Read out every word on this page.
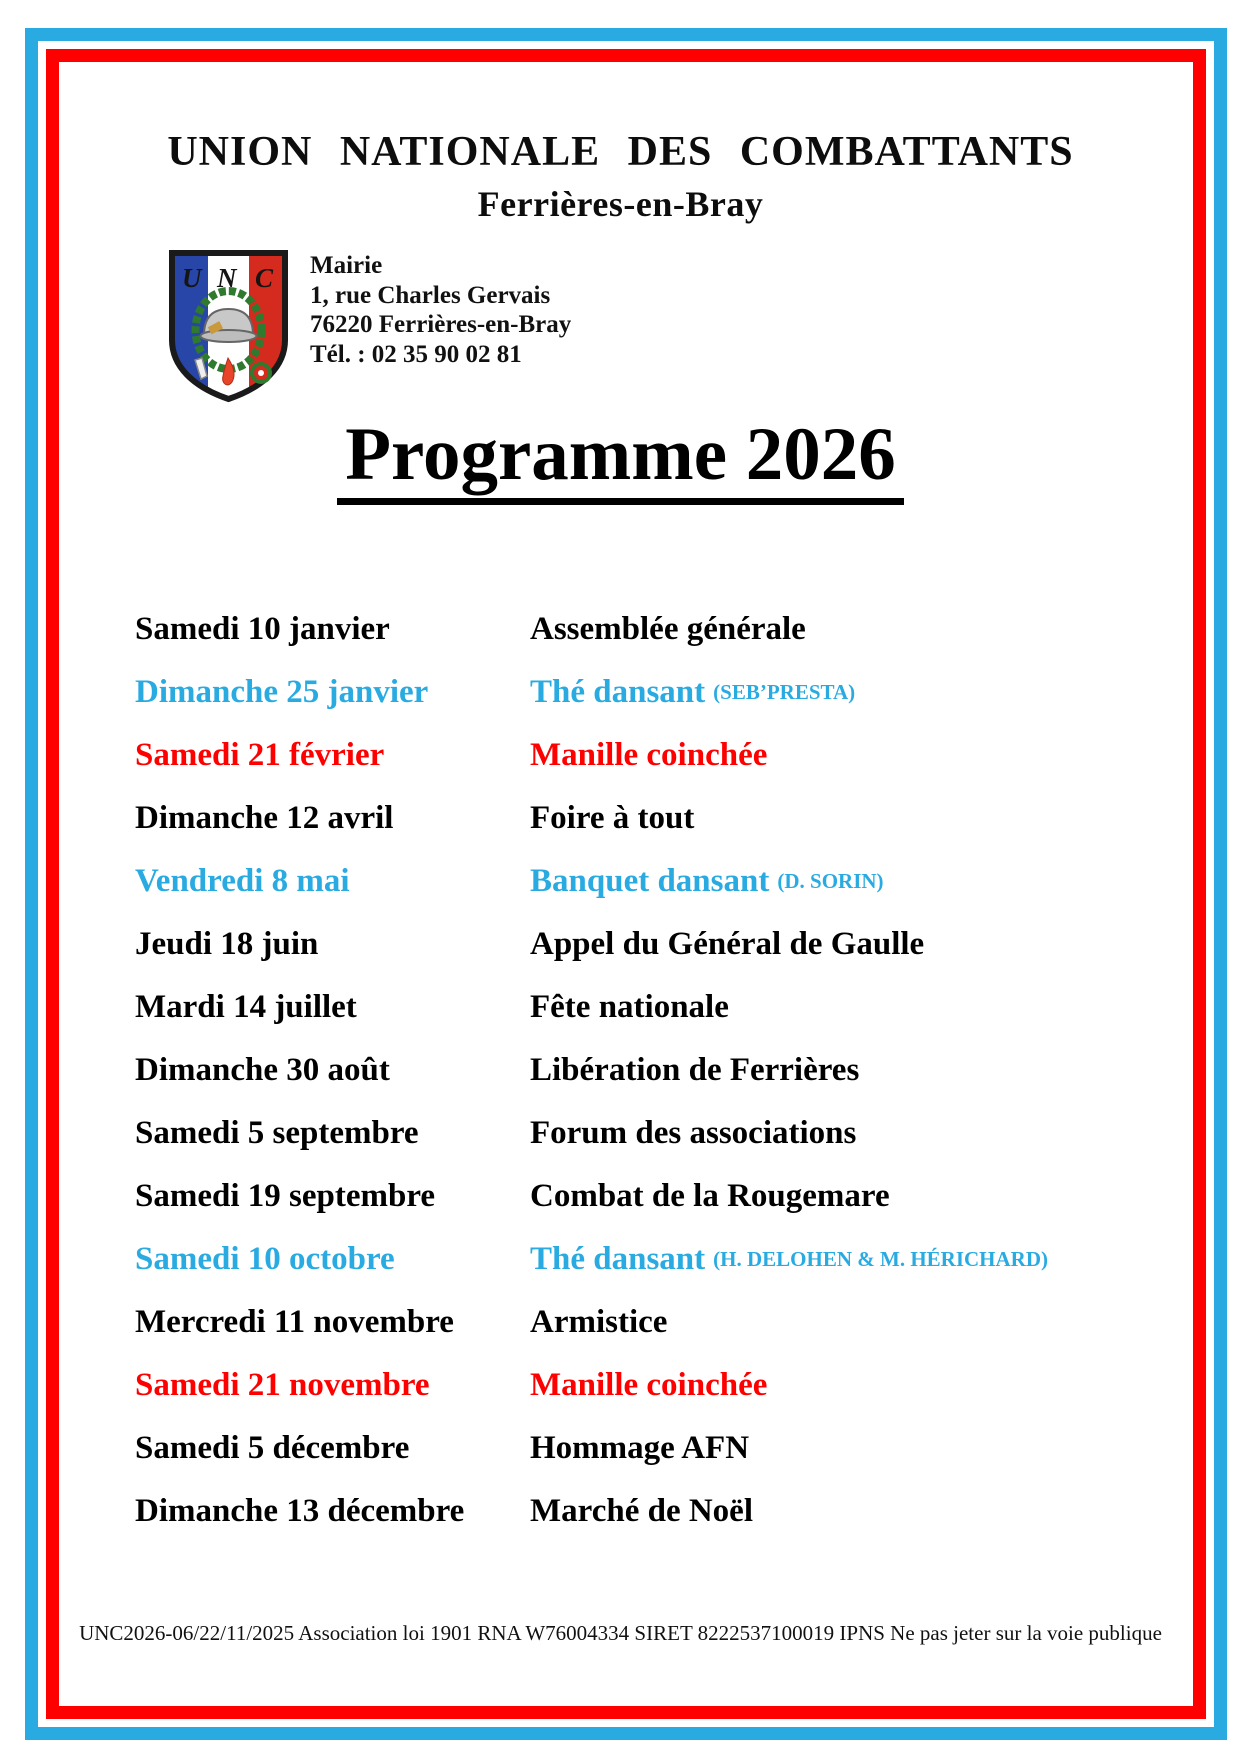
UNION NATIONALE DES COMBATTANTS
Ferrières-en-Bray
U N C Mairie
1, rue Charles Gervais
76220 Ferrières-en-Bray
Tél. : 02 35 90 02 81
Programme 2026
Samedi 10 janvier	Assemblée générale
Dimanche 25 janvier	Thé dansant (SEB’PRESTA)
Samedi 21 février	Manille coinchée
Dimanche 12 avril	Foire à tout
Vendredi 8 mai	Banquet dansant (D. SORIN)
Jeudi 18 juin	Appel du Général de Gaulle
Mardi 14 juillet	Fête nationale
Dimanche 30 août	Libération de Ferrières
Samedi 5 septembre	Forum des associations
Samedi 19 septembre	Combat de la Rougemare
Samedi 10 octobre	Thé dansant (H. DELOHEN & M. HÉRICHARD)
Mercredi 11 novembre	Armistice
Samedi 21 novembre	Manille coinchée
Samedi 5 décembre	Hommage AFN
Dimanche 13 décembre	Marché de Noël
UNC2026-06/22/11/2025 Association loi 1901 RNA W76004334 SIRET 8222537100019 IPNS Ne pas jeter sur la voie publique
